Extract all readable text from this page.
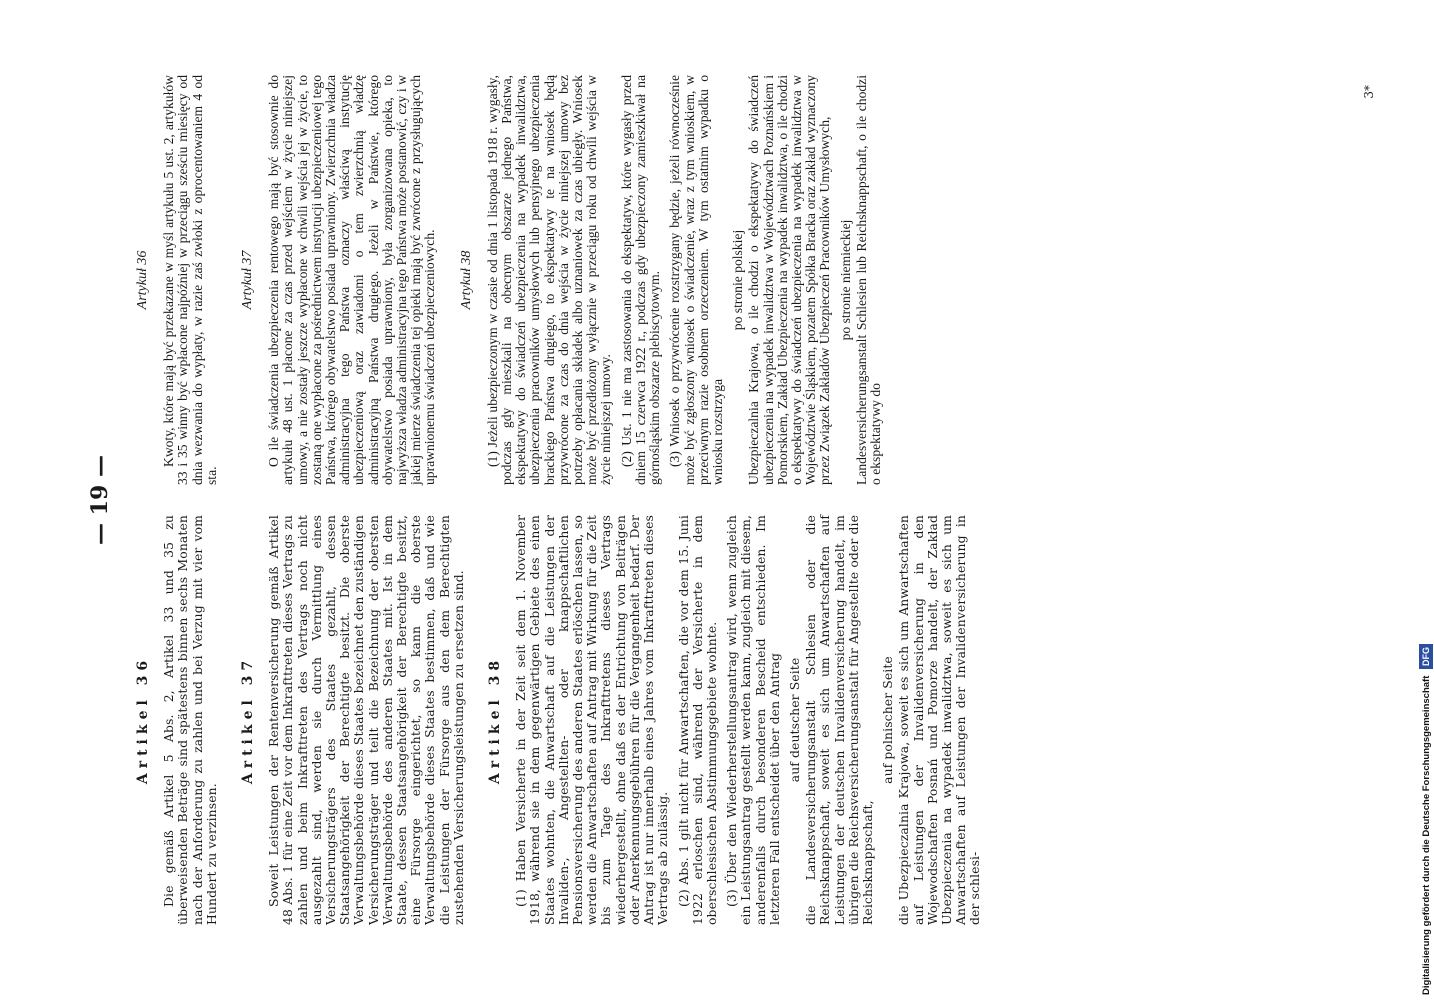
— 19 —
Artikel 36 Die gemäß Artikel 5 Abs. 2, Artikel 33 und 35 zu überweisenden Beträge sind spätestens binnen sechs Monaten nach der Anforderung zu zahlen und bei Verzug mit vier vom Hundert zu verzinsen.

Artikel 37 Soweit Leistungen der Rentenversicherung gemäß Artikel 48 Abs. 1 für eine Zeit vor dem Inkrafttreten dieses Vertrags zu zahlen und beim Inkrafttreten des Vertrags noch nicht ausgezahlt sind, werden sie durch Vermittlung eines Versicherungsträgers des Staates gezahlt, dessen Staatsangehörigkeit der Berechtigte besitzt. Die oberste Verwaltungsbehörde dieses Staates bezeichnet den zuständigen Versicherungsträger und teilt die Bezeichnung der obersten Verwaltungsbehörde des anderen Staates mit. Ist in dem Staate, dessen Staatsangehörigkeit der Berechtigte besitzt, eine Fürsorge eingerichtet, so kann die oberste Verwaltungsbehörde dieses Staates bestimmen, daß und wie die Leistungen der Fürsorge aus den dem Berechtigten zustehenden Versicherungsleistungen zu ersetzen sind. Artikel 38 (1) Haben Versicherte in der Zeit seit dem 1. November 1918, während sie in dem gegenwärtigen Gebiete des einen Staates wohnten, die Anwartschaft auf die Leistungen der Invaliden-, Angestellten- oder knappschaftlichen Pensionsversicherung des anderen Staates erlöschen lassen, so werden die Anwartschaften auf Antrag mit Wirkung für die Zeit bis zum Tage des Inkrafttretens dieses Vertrags wiederhergestellt, ohne daß es der Entrichtung von Beiträgen oder Anerkennungsgebühren für die Vergangenheit bedarf. Der Antrag ist nur innerhalb eines Jahres vom Inkrafttreten dieses Vertrags ab zulässig. (2) Abs. 1 gilt nicht für Anwartschaften, die vor dem 15. Juni 1922 erloschen sind, während der Versicherte in dem oberschlesischen Abstimmungsgebiete wohnte. (3) Über den Wiederherstellungsantrag wird, wenn zugleich ein Leistungsantrag gestellt werden kann, zugleich mit diesem, anderenfalls durch besonderen Bescheid entschieden. Im letzteren Fall entscheidet über den Antrag auf deutscher Seite die Landesversicherungsanstalt Schlesien oder die Reichsknappschaft, soweit es sich um Anwartschaften auf Leistungen der deutschen Invalidenversicherung handelt, im übrigen die Reichsversicherungsanstalt für Angestellte oder die Reichsknappschaft,

auf polnischer Seite die Ubezpieczalnia Krajowa, soweit es sich um Anwartschaften auf Leistungen der Invalidenversicherung in den Wojewodschaften Posnań und Pomorze handelt, der Zakład Ubezpieczenia na wypadek inwalidztwa, soweit es sich um Anwartschaften auf Leistungen der Invalidenversicherung in der schlesi-

Artykuł 36 Kwoty, które mają być przekazane w myśl artykułu 5 ust. 2, artykułów 33 i 35 winny być wpłacone najpóźniej w przeciągu sześciu miesięcy od dnia wezwania do wypłaty, w razie zaś zwłoki z oprocentowaniem 4 od sta.

Artykuł 37 O ile świadczenia ubezpieczenia rentowego mają być stosownie do artykułu 48 ust. 1 płacone za czas przed wejściem w życie niniejszej umowy, a nie zostały jeszcze wypłacone w chwili wejścia jej w życie, to zostaną one wypłacone za pośrednictwem instytucji ubezpieczeniowej tego Państwa, którego obywatelstwo posiada uprawniony. Zwierzchnia władza administracyjna tego Państwa oznaczy właściwą instytucję ubezpieczeniową oraz zawiadomi o tem zwierzchnią władzę administracyjną Państwa drugiego. Jeżeli w Państwie, którego obywatelstwo posiada uprawniony, była zorganizowana opieka, to najwyższa władza administracyjna tego Państwa może postanowić, czy i w jakiej mierze świadczenia tej opieki mają być zwrócone z przysługujących uprawnionemu świadczeń ubezpieczeniowych. Artykuł 38 (1) Jeżeli ubezpieczonym w czasie od dnia 1 listopada 1918 r. wygasły, podczas gdy mieszkali na obecnym obszarze jednego Państwa, ekspektatywy do świadczeń ubezpieczenia na wypadek inwalidztwa, ubezpieczenia pracowników umysłowych lub pensyjnego ubezpieczenia brackiego Państwa drugiego, to ekspektatywy te na wniosek będą przywrócone za czas do dnia wejścia w życie niniejszej umowy bez potrzeby opłacania składek albo uznaniowek za czas ubiegły. Wniosek może być przedłożony wyłącznie w przeciągu roku od chwili wejścia w życie niniejszej umowy. (2) Ust. 1 nie ma zastosowania do ekspektatyw, które wygasły przed dniem 15 czerwca 1922 r., podczas gdy ubezpieczony zamieszkiwał na górnośląskim obszarze plebiscytowym. (3) Wniosek o przywrócenie rozstrzygany będzie, jeżeli równocześnie może być zgłoszony wniosek o świadczenie, wraz z tym wnioskiem, w przeciwnym razie osobnem orzeczeniem. W tym ostatnim wypadku o wniosku rozstrzyga

po stronie polskiej Ubezpieczalnia Krajowa, o ile chodzi o ekspektatywy do świadczeń ubezpieczenia na wypadek inwalidztwa w Województwach Poznańskiem i Pomorskiem, Zakład Ubezpieczenia na wypadek inwalidztwa, o ile chodzi o ekspektatywy do świadczeń ubezpieczenia na wypadek inwalidztwa w Województwie Śląskiem, pozatem Spółka Bracka oraz zakład wyznaczony przez Związek Zakładów Ubezpieczeń Pracowników Umysłowych, po stronie niemieckiej Landesversicherungsanstalt Schlesien lub Reichsknappschaft, o ile chodzi o ekspektatywy do

3*
Digitalisierung gefördert durch die Deutsche Forschungsgemeinschaft DFG
